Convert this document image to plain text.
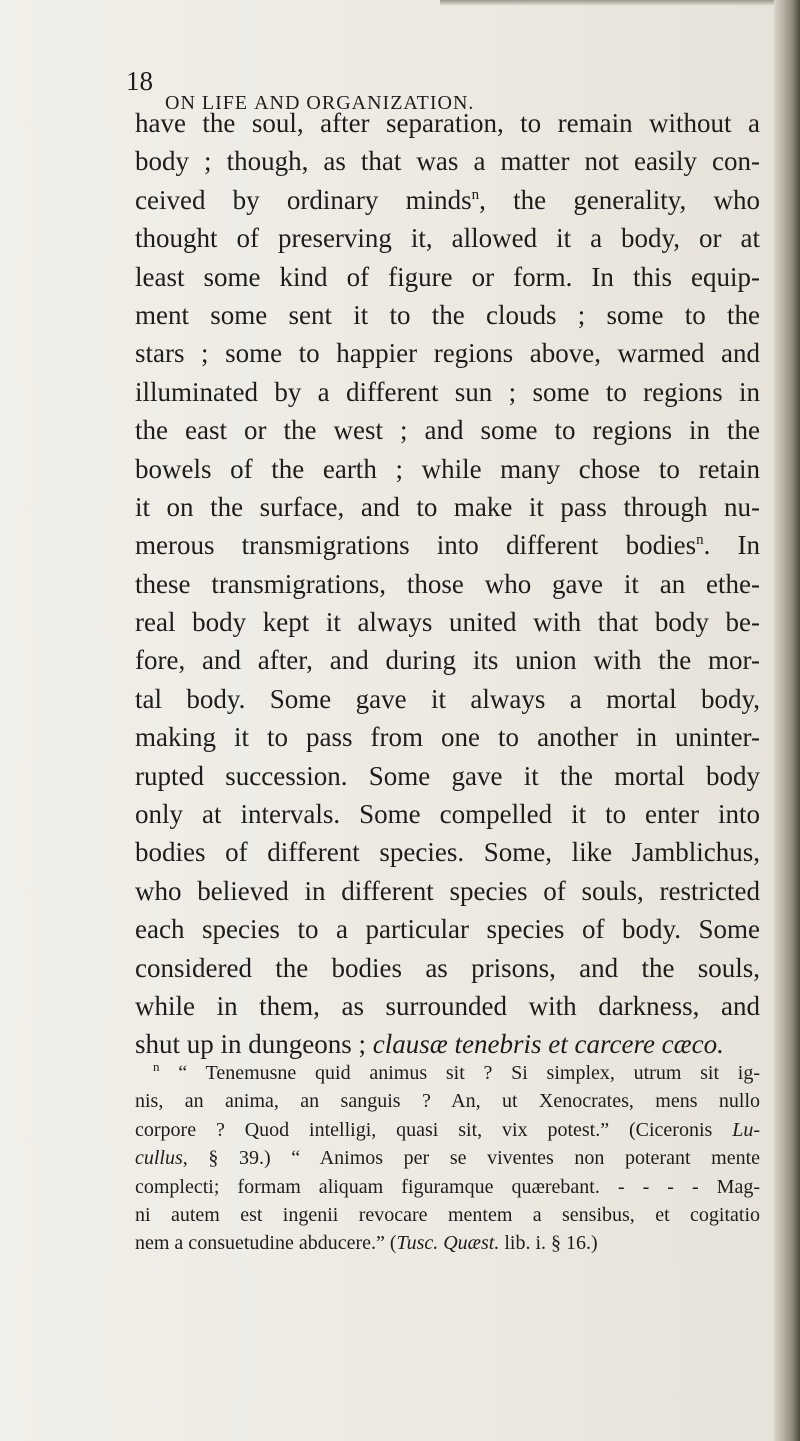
18
on life and organization.
have the soul, after separation, to remain without a
body ; though, as that was a matter not easily con-
ceived by ordinary minds$^n$, the generality, who
thought of preserving it, allowed it a body, or at
least some kind of figure or form. In this equip-
ment some sent it to the clouds ; some to the
stars ; some to happier regions above, warmed and
illuminated by a different sun ; some to regions in
the east or the west ; and some to regions in the
bowels of the earth ; while many chose to retain
it on the surface, and to make it pass through nu-
merous transmigrations into different bodies$^n$. In
these transmigrations, those who gave it an ethe-
real body kept it always united with that body be-
fore, and after, and during its union with the mor-
tal body. Some gave it always a mortal body,
making it to pass from one to another in uninter-
rupted succession. Some gave it the mortal body
only at intervals. Some compelled it to enter into
bodies of different species. Some, like Jamblichus,
who believed in different species of souls, restricted
each species to a particular species of body. Some
considered the bodies as prisons, and the souls,
while in them, as surrounded with darkness, and
shut up in dungeons ; clausæ tenebris et carcere cæco.
$^n$ “ Tenemusne quid animus sit ? Si simplex, utrum sit ig-
nis, an anima, an sanguis ? An, ut Xenocrates, mens nullo
corpore ? Quod intelligi, quasi sit, vix potest.” (Ciceronis Lu-
cullus, § 39.) “ Animos per se viventes non poterant mente
complecti; formam aliquam figuramque quærebant. - - - - Mag-
ni autem est ingenii revocare mentem a sensibus, et cogitatio
nem a consuetudine abducere.” (Tusc. Quæst. lib. i. § 16.)
